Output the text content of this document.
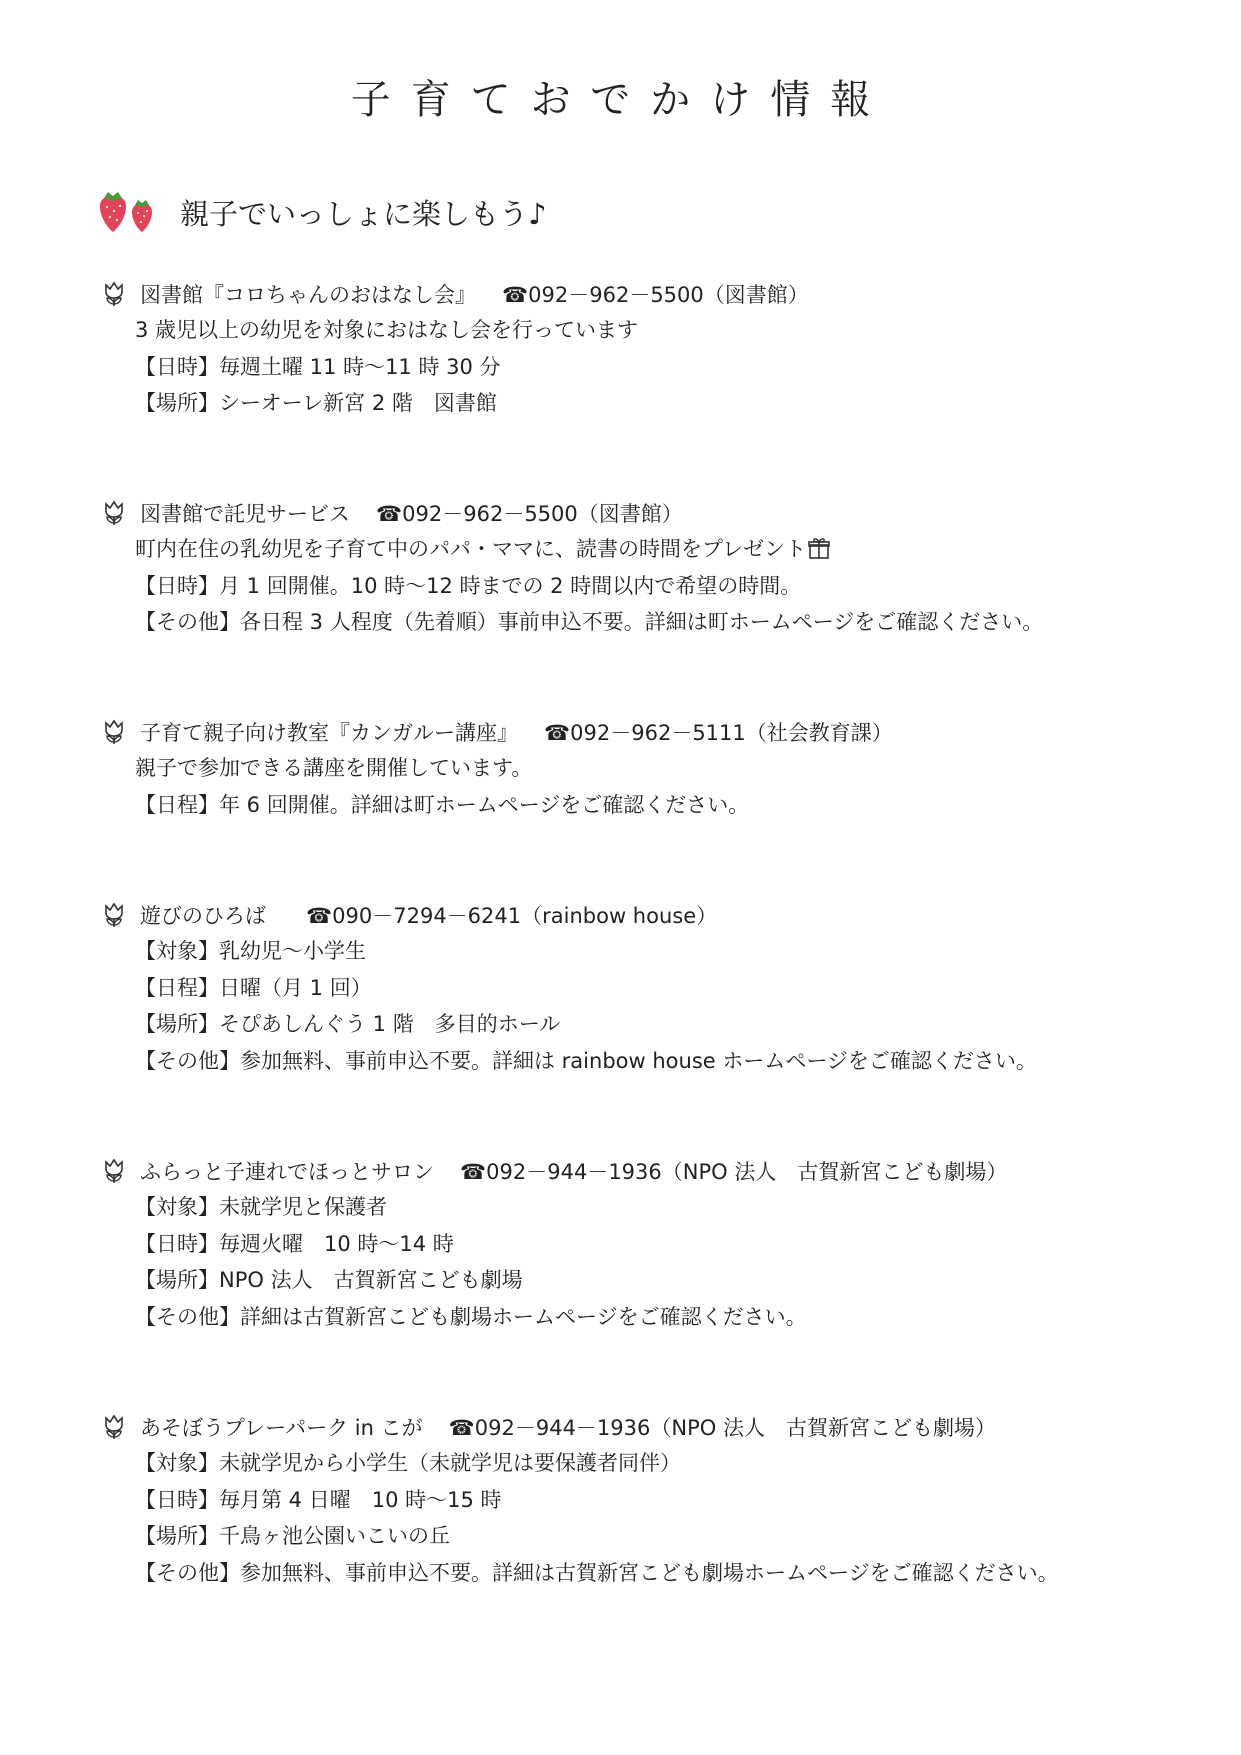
子育ておでかけ情報
親子でいっしょに楽しもう♪
図書館『コロちゃんのおはなし会』 ☎092－962－5500（図書館）
3 歳児以上の幼児を対象におはなし会を行っています
【日時】毎週土曜 11 時～11 時 30 分
【場所】シーオーレ新宮 2 階　図書館
図書館で託児サービス ☎092－962－5500（図書館）
町内在住の乳幼児を子育て中のパパ・ママに、読書の時間をプレゼント
【日時】月 1 回開催。10 時～12 時までの 2 時間以内で希望の時間。
【その他】各日程 3 人程度（先着順）事前申込不要。詳細は町ホームページをご確認ください。
子育て親子向け教室『カンガルー講座』 ☎092－962－5111（社会教育課）
親子で参加できる講座を開催しています。
【日程】年 6 回開催。詳細は町ホームページをご確認ください。
遊びのひろば ☎090－7294－6241（rainbow house）
【対象】乳幼児～小学生
【日程】日曜（月 1 回）
【場所】そぴあしんぐう 1 階　多目的ホール
【その他】参加無料、事前申込不要。詳細は rainbow house ホームページをご確認ください。
ふらっと子連れでほっとサロン ☎092－944－1936（NPO 法人　古賀新宮こども劇場）
【対象】未就学児と保護者
【日時】毎週火曜　10 時～14 時
【場所】NPO 法人　古賀新宮こども劇場
【その他】詳細は古賀新宮こども劇場ホームページをご確認ください。
あそぼうプレーパーク in こが ☎092－944－1936（NPO 法人　古賀新宮こども劇場）
【対象】未就学児から小学生（未就学児は要保護者同伴）
【日時】毎月第 4 日曜　10 時～15 時
【場所】千鳥ヶ池公園いこいの丘
【その他】参加無料、事前申込不要。詳細は古賀新宮こども劇場ホームページをご確認ください。
